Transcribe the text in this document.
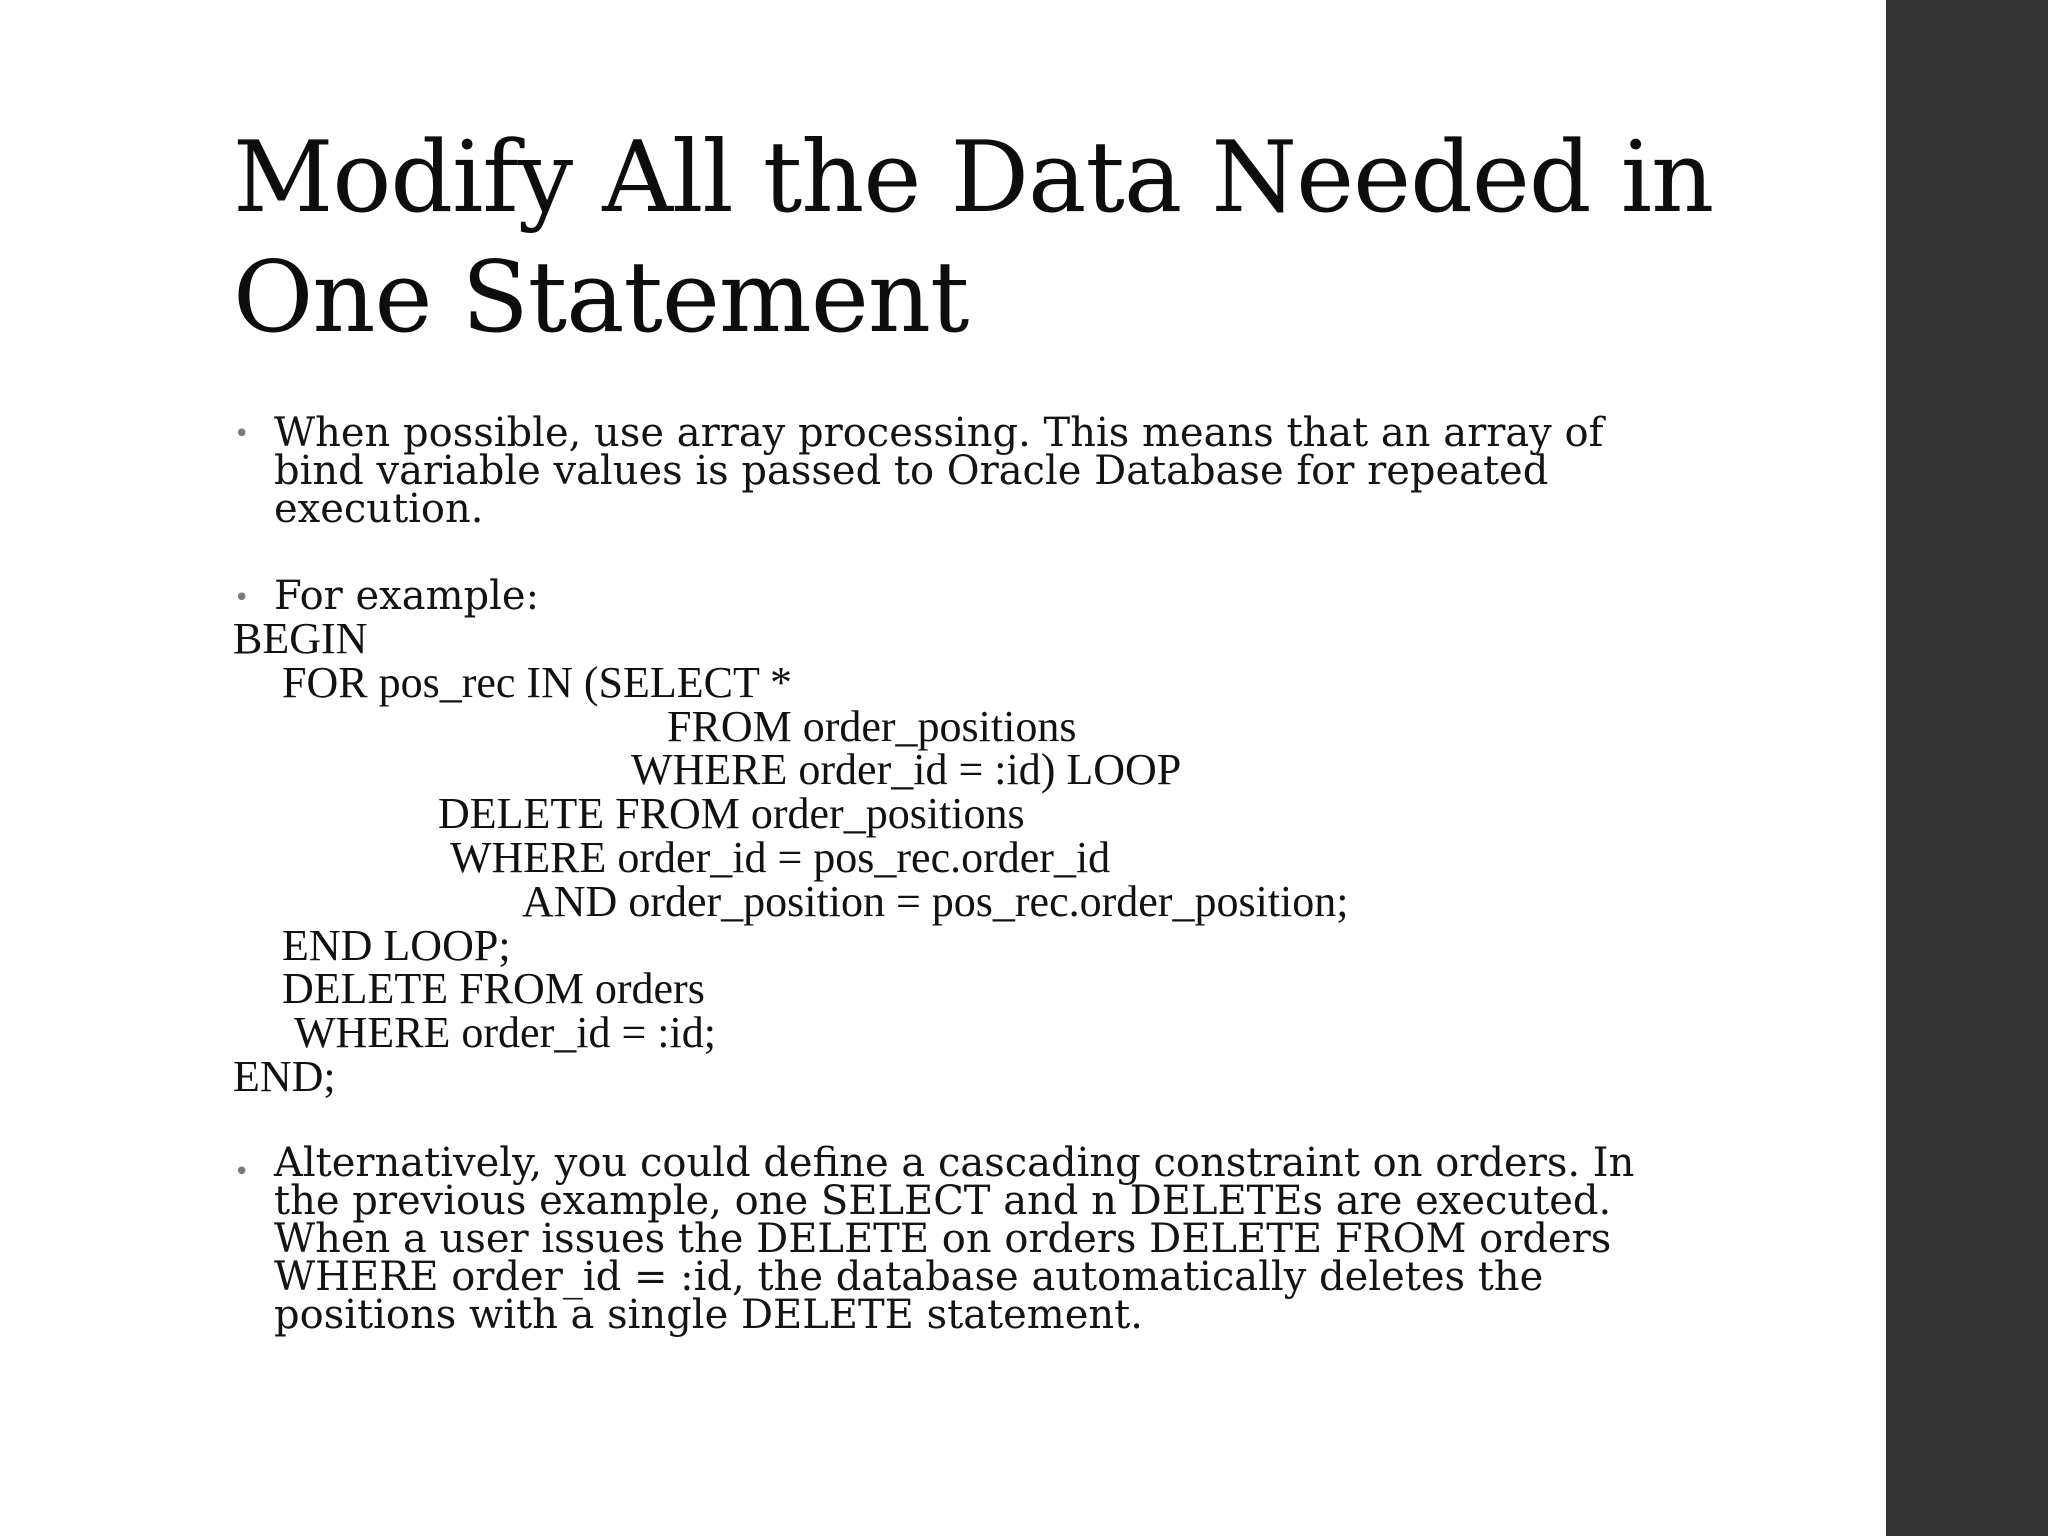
Modify All the Data Needed in
One Statement
• When possible, use array processing. This means that an array of
bind variable values is passed to Oracle Database for repeated
execution.
• For example:
BEGIN
FOR pos_rec IN (SELECT *
FROM order_positions
WHERE order_id = :id) LOOP
DELETE FROM order_positions
WHERE order_id = pos_rec.order_id
AND order_position = pos_rec.order_position;
END LOOP;
DELETE FROM orders
WHERE order_id = :id;
END;
• Alternatively, you could define a cascading constraint on orders. In
the previous example, one SELECT and n DELETEs are executed.
When a user issues the DELETE on orders DELETE FROM orders
WHERE order_id = :id, the database automatically deletes the
positions with a single DELETE statement.
